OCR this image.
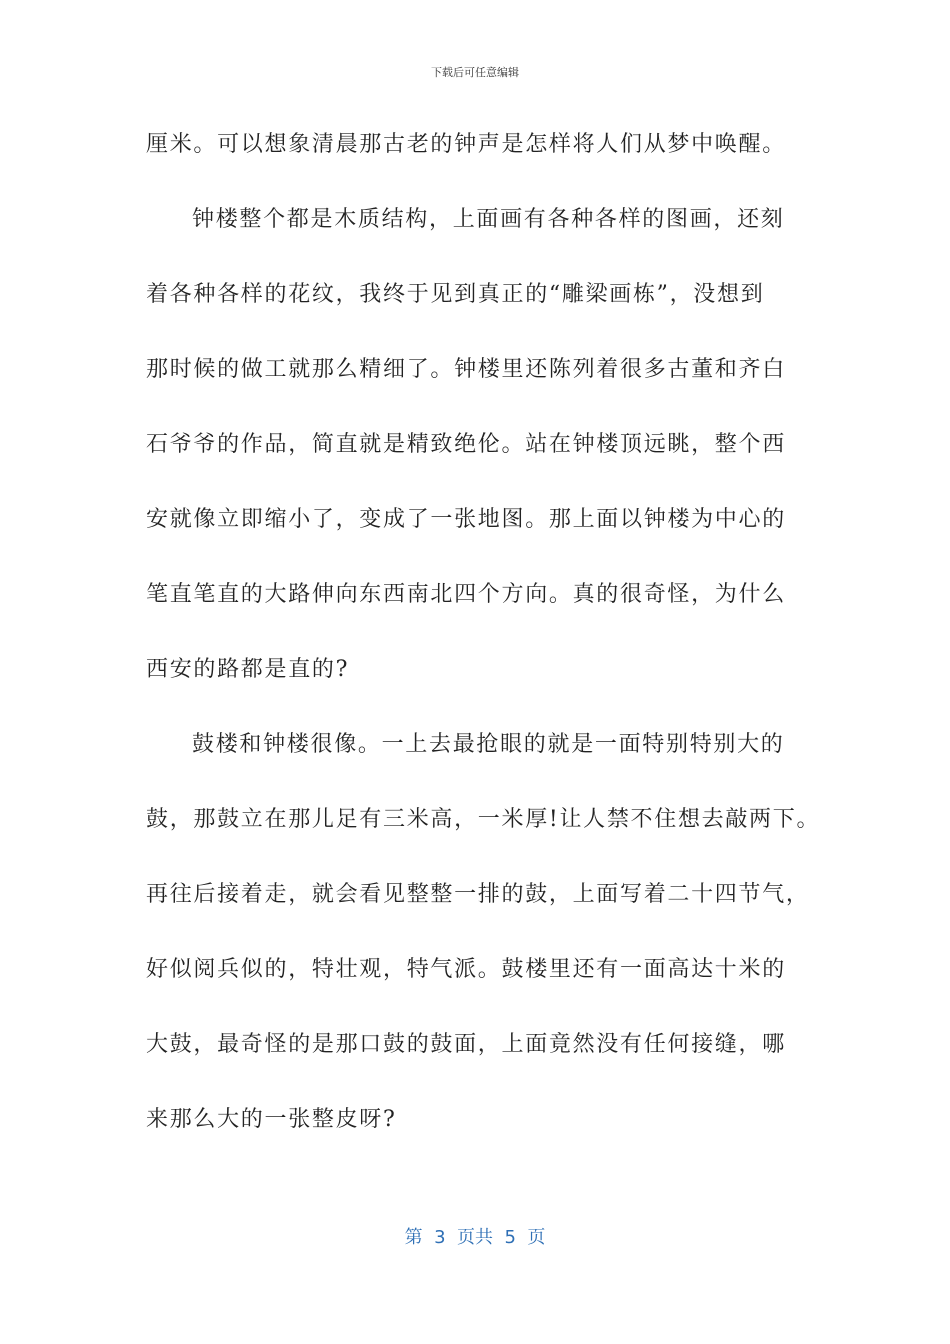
下载后可任意编辑
厘米。可以想象清晨那古老的钟声是怎样将人们从梦中唤醒。
钟楼整个都是木质结构，上面画有各种各样的图画，还刻
着各种各样的花纹，我终于见到真正的“雕梁画栋”，没想到
那时候的做工就那么精细了。钟楼里还陈列着很多古董和齐白
石爷爷的作品，简直就是精致绝伦。站在钟楼顶远眺，整个西
安就像立即缩小了，变成了一张地图。那上面以钟楼为中心的
笔直笔直的大路伸向东西南北四个方向。真的很奇怪，为什么
西安的路都是直的?
鼓楼和钟楼很像。一上去最抢眼的就是一面特别特别大的
鼓，那鼓立在那儿足有三米高，一米厚!让人禁不住想去敲两下。
再往后接着走，就会看见整整一排的鼓，上面写着二十四节气，
好似阅兵似的，特壮观，特气派。鼓楼里还有一面高达十米的
大鼓，最奇怪的是那口鼓的鼓面，上面竟然没有任何接缝，哪
来那么大的一张整皮呀?
第  3  页共  5  页
